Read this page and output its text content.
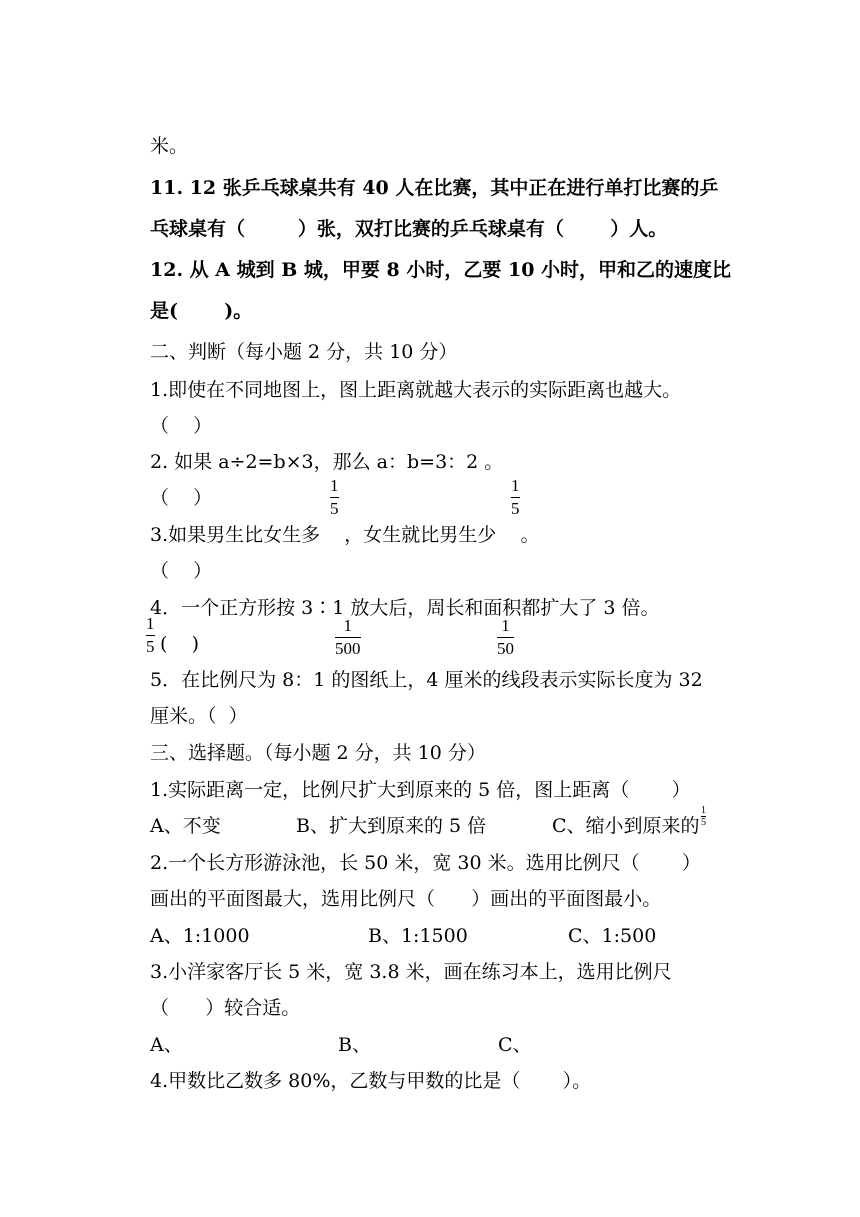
米。
11. 12 张乒乓球桌共有 40 人在比赛，其中正在进行单打比赛的乒
乓球桌有（        ）张，双打比赛的乒乓球桌有（       ）人。
12. 从 A 城到 B 城，甲要 8 小时，乙要 10 小时，甲和乙的速度比
是(       )。
二、判断（每小题 2 分，共 10 分）
1.即使在不同地图上，图上距离就越大表示的实际距离也越大。
（    ）
2. 如果 a÷2=b×3，那么 a：b=3：2 。
（    ）
1
5
1
5
3.如果男生比女生多    ，女生就比男生少    。
（    ）
4．一个正方形按 3∶1 放大后，周长和面积都扩大了 3 倍。
1
5 (    )
1
500
1
50
5．在比例尺为 8：1 的图纸上，4 厘米的线段表示实际长度为 32
厘米。（  ）
三、选择题。（每小题 2 分，共 10 分）
1.实际距离一定，比例尺扩大到原来的 5 倍，图上距离（       ）
A、不变	B、扩大到原来的 5 倍	C、缩小到原来的
1
5
2.一个长方形游泳池，长 50 米，宽 30 米。选用比例尺（       ）
画出的平面图最大，选用比例尺（      ）画出的平面图最小。
A、1:1000	B、1:1500	C、1:500
3.小洋家客厅长 5 米，宽 3.8 米，画在练习本上，选用比例尺
（      ）较合适。
A、	B、	C、
4.甲数比乙数多 80%，乙数与甲数的比是（       ）。
